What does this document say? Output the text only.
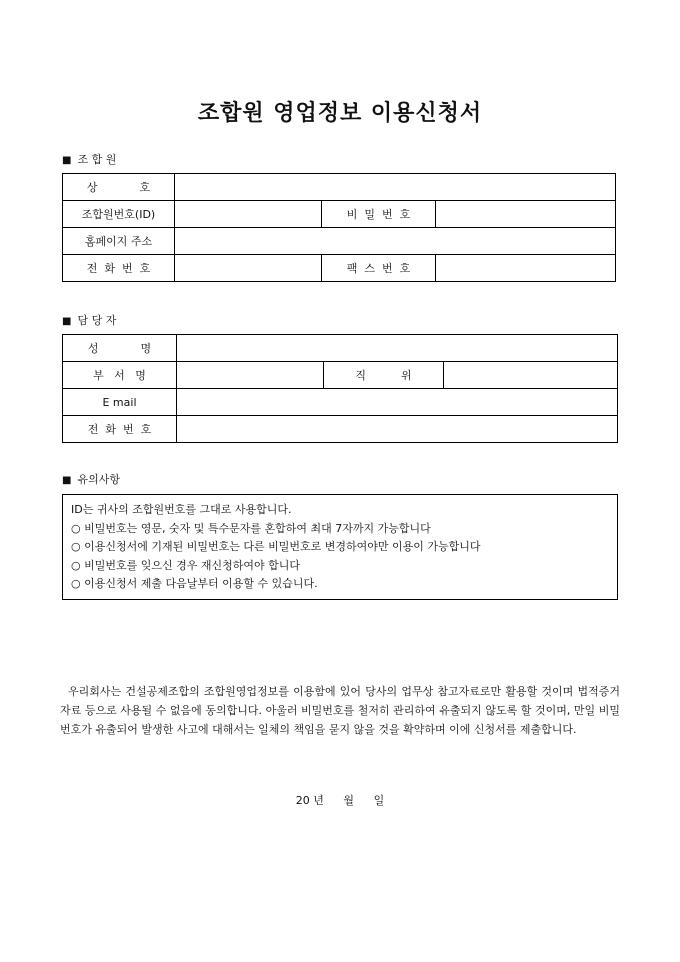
조합원 영업정보 이용신청서
■ 조 합 원
상            호			
조합원번호(ID)		비  밀  번  호	
홈페이지 주소			
전  화  번  호		팩  스  번  호	
■ 담 당 자
성            명			
부   서   명		직          위	
E mail			
전  화  번  호			
■ 유의사항
ID는 귀사의 조합원번호를 그대로 사용합니다.
○ 비밀번호는 영문, 숫자 및 특수문자를 혼합하여 최대 7자까지 가능합니다
○ 이용신청서에 기재된 비밀번호는 다른 비밀번호로 변경하여야만 이용이 가능합니다
○ 비밀번호를 잊으신 경우 재신청하여야 합니다
○ 이용신청서 제출 다음날부터 이용할 수 있습니다.
우리회사는 건설공제조합의 조합원영업정보를 이용함에 있어 당사의 업무상 참고자료로만 활용할 것이며 법적증거자료 등으로 사용될 수 없음에 동의합니다. 아울러 비밀번호를 철저히 관리하여 유출되지 않도록 할 것이며, 만일 비밀번호가 유출되어 발생한 사고에 대해서는 일체의 책임을 묻지 않을 것을 확약하며 이에 신청서를 제출합니다.
20 년 월 일
